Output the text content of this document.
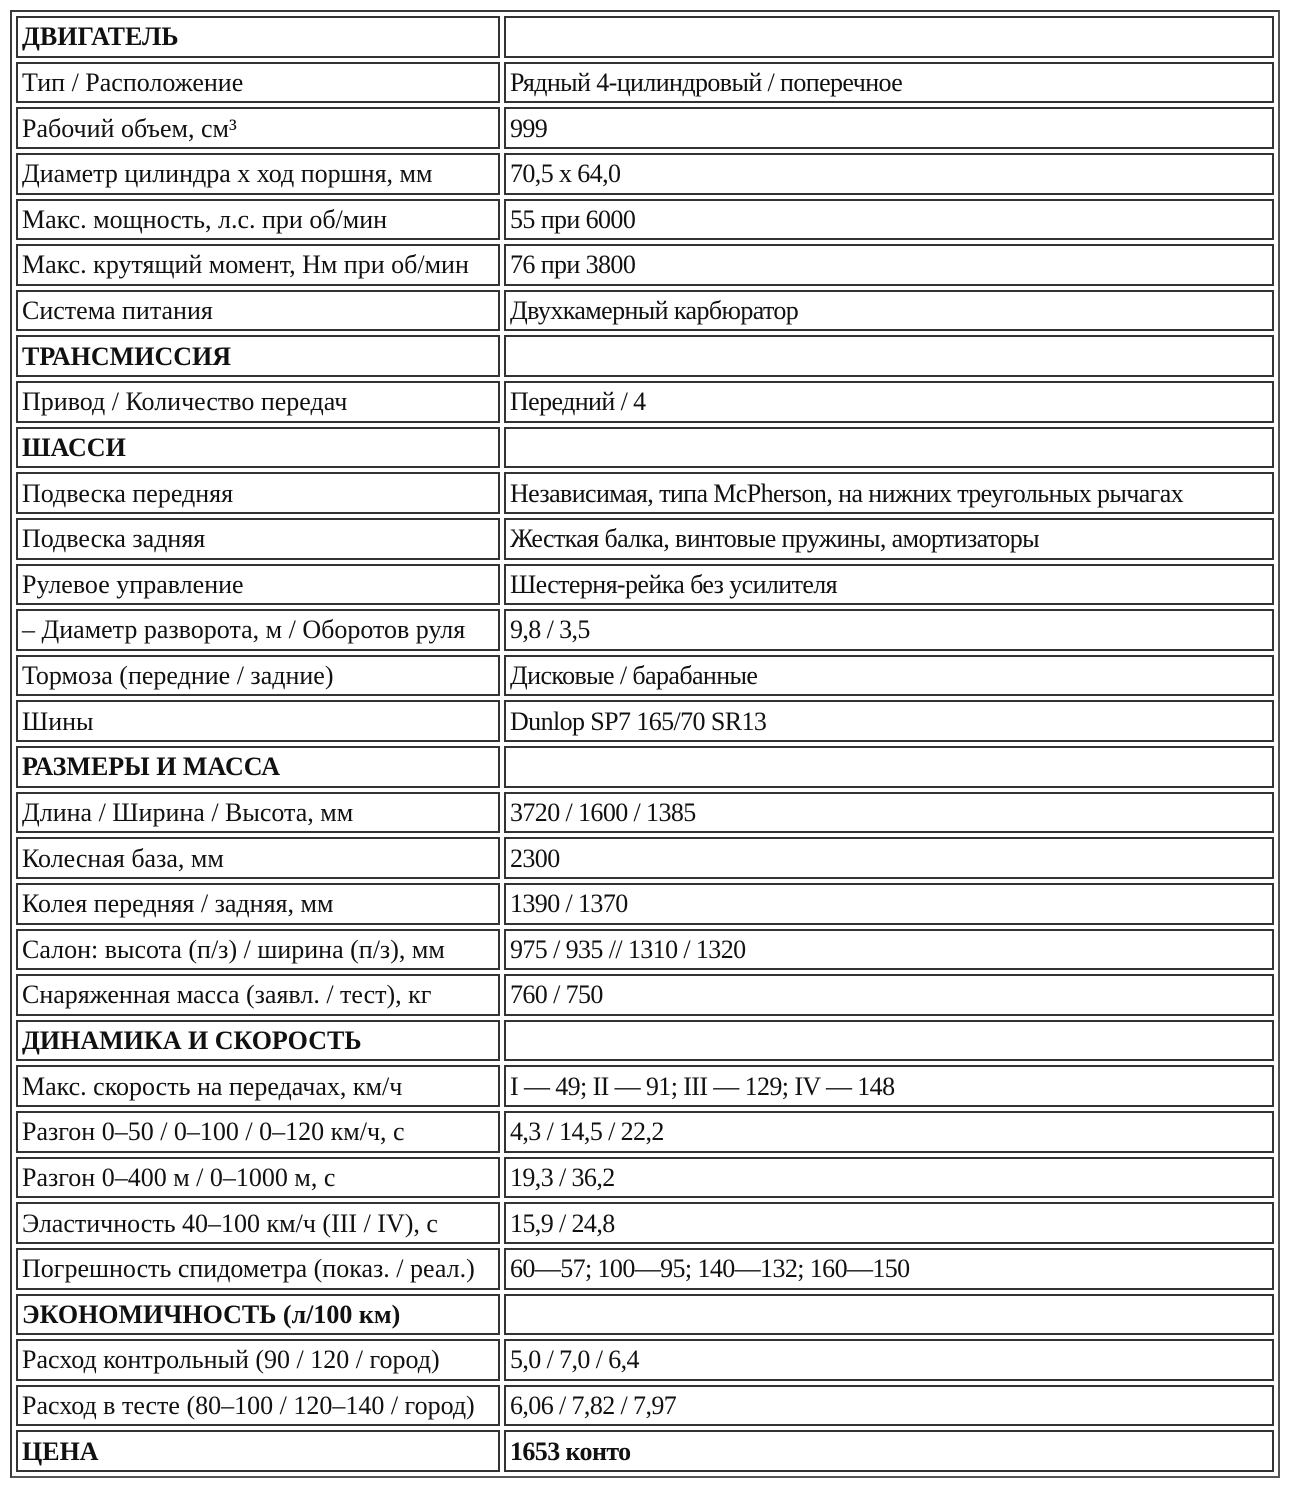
ДВИГАТЕЛЬ	
Тип / Расположение	Рядный 4-цилиндровый / поперечное
Рабочий объем, см³	999
Диаметр цилиндра х ход поршня, мм	70,5 х 64,0
Макс. мощность, л.с. при об/мин	55 при 6000
Макс. крутящий момент, Нм при об/мин	76 при 3800
Система питания	Двухкамерный карбюратор
ТРАНСМИССИЯ	
Привод / Количество передач	Передний / 4
ШАССИ	
Подвеска передняя	Независимая, типа McPherson, на нижних треугольных рычагах
Подвеска задняя	Жесткая балка, винтовые пружины, амортизаторы
Рулевое управление	Шестерня-рейка без усилителя
– Диаметр разворота, м / Оборотов руля	9,8 / 3,5
Тормоза (передние / задние)	Дисковые / барабанные
Шины	Dunlop SP7 165/70 SR13
РАЗМЕРЫ И МАССА	
Длина / Ширина / Высота, мм	3720 / 1600 / 1385
Колесная база, мм	2300
Колея передняя / задняя, мм	1390 / 1370
Салон: высота (п/з) / ширина (п/з), мм	975 / 935 // 1310 / 1320
Снаряженная масса (заявл. / тест), кг	760 / 750
ДИНАМИКА И СКОРОСТЬ	
Макс. скорость на передачах, км/ч	I — 49; II — 91; III — 129; IV — 148
Разгон 0–50 / 0–100 / 0–120 км/ч, с	4,3 / 14,5 / 22,2
Разгон 0–400 м / 0–1000 м, с	19,3 / 36,2
Эластичность 40–100 км/ч (III / IV), с	15,9 / 24,8
Погрешность спидометра (показ. / реал.)	60—57; 100—95; 140—132; 160—150
ЭКОНОМИЧНОСТЬ (л/100 км)	
Расход контрольный (90 / 120 / город)	5,0 / 7,0 / 6,4
Расход в тесте (80–100 / 120–140 / город)	6,06 / 7,82 / 7,97
ЦЕНА	1653 конто
